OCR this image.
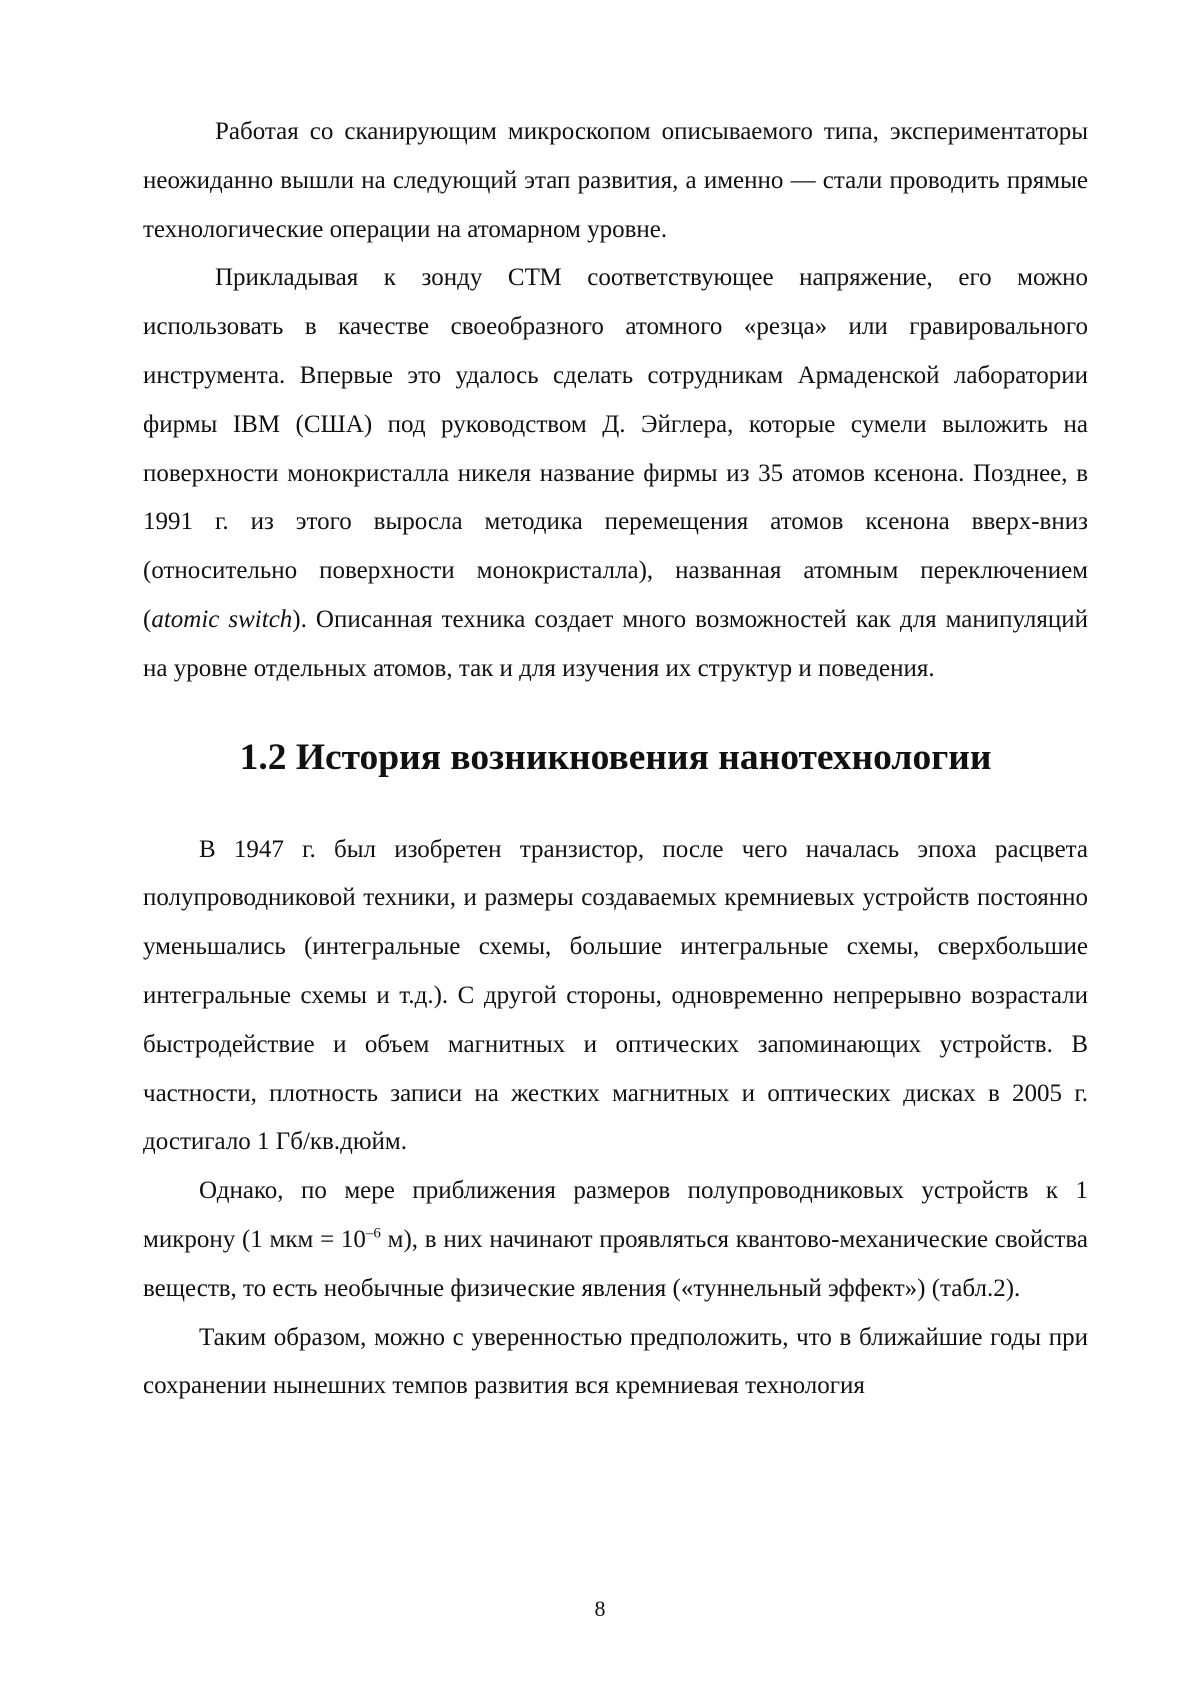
Работая со сканирующим микроскопом описываемого типа, экспериментаторы неожиданно вышли на следующий этап развития, а именно — стали проводить прямые технологические операции на атомарном уровне.

Прикладывая к зонду СТМ соответствующее напряжение, его можно использовать в качестве своеобразного атомного «резца» или гравировального инструмента. Впервые это удалось сделать сотрудникам Армаденской лаборатории фирмы IBM (США) под руководством Д. Эйглера, которые сумели выложить на поверхности монокристалла никеля название фирмы из 35 атомов ксенона. Позднее, в 1991 г. из этого выросла методика перемещения атомов ксенона вверх-вниз (относительно поверхности монокристалла), названная атомным переключением (atomic switch). Описанная техника создает много возможностей как для манипуляций на уровне отдельных атомов, так и для изучения их структур и поведения.

1.2 История возникновения нанотехнологии

В 1947 г. был изобретен транзистор, после чего началась эпоха расцвета полупроводниковой техники, и размеры создаваемых кремниевых устройств постоянно уменьшались (интегральные схемы, большие интегральные схемы, сверхбольшие интегральные схемы и т.д.). С другой стороны, одновременно непрерывно возрастали быстродействие и объем магнитных и оптических запоминающих устройств. В частности, плотность записи на жестких магнитных и оптических дисках в 2005 г. достигало 1 Гб/кв.дюйм.

Однако, по мере приближения размеров полупроводниковых устройств к 1 микрону (1 мкм = $10^{-6}$ м), в них начинают проявляться квантово-механические свойства веществ, то есть необычные физические явления («туннельный эффект») (табл.2).

Таким образом, можно с уверенностью предположить, что в ближайшие годы при сохранении нынешних темпов развития вся кремниевая технология

8
